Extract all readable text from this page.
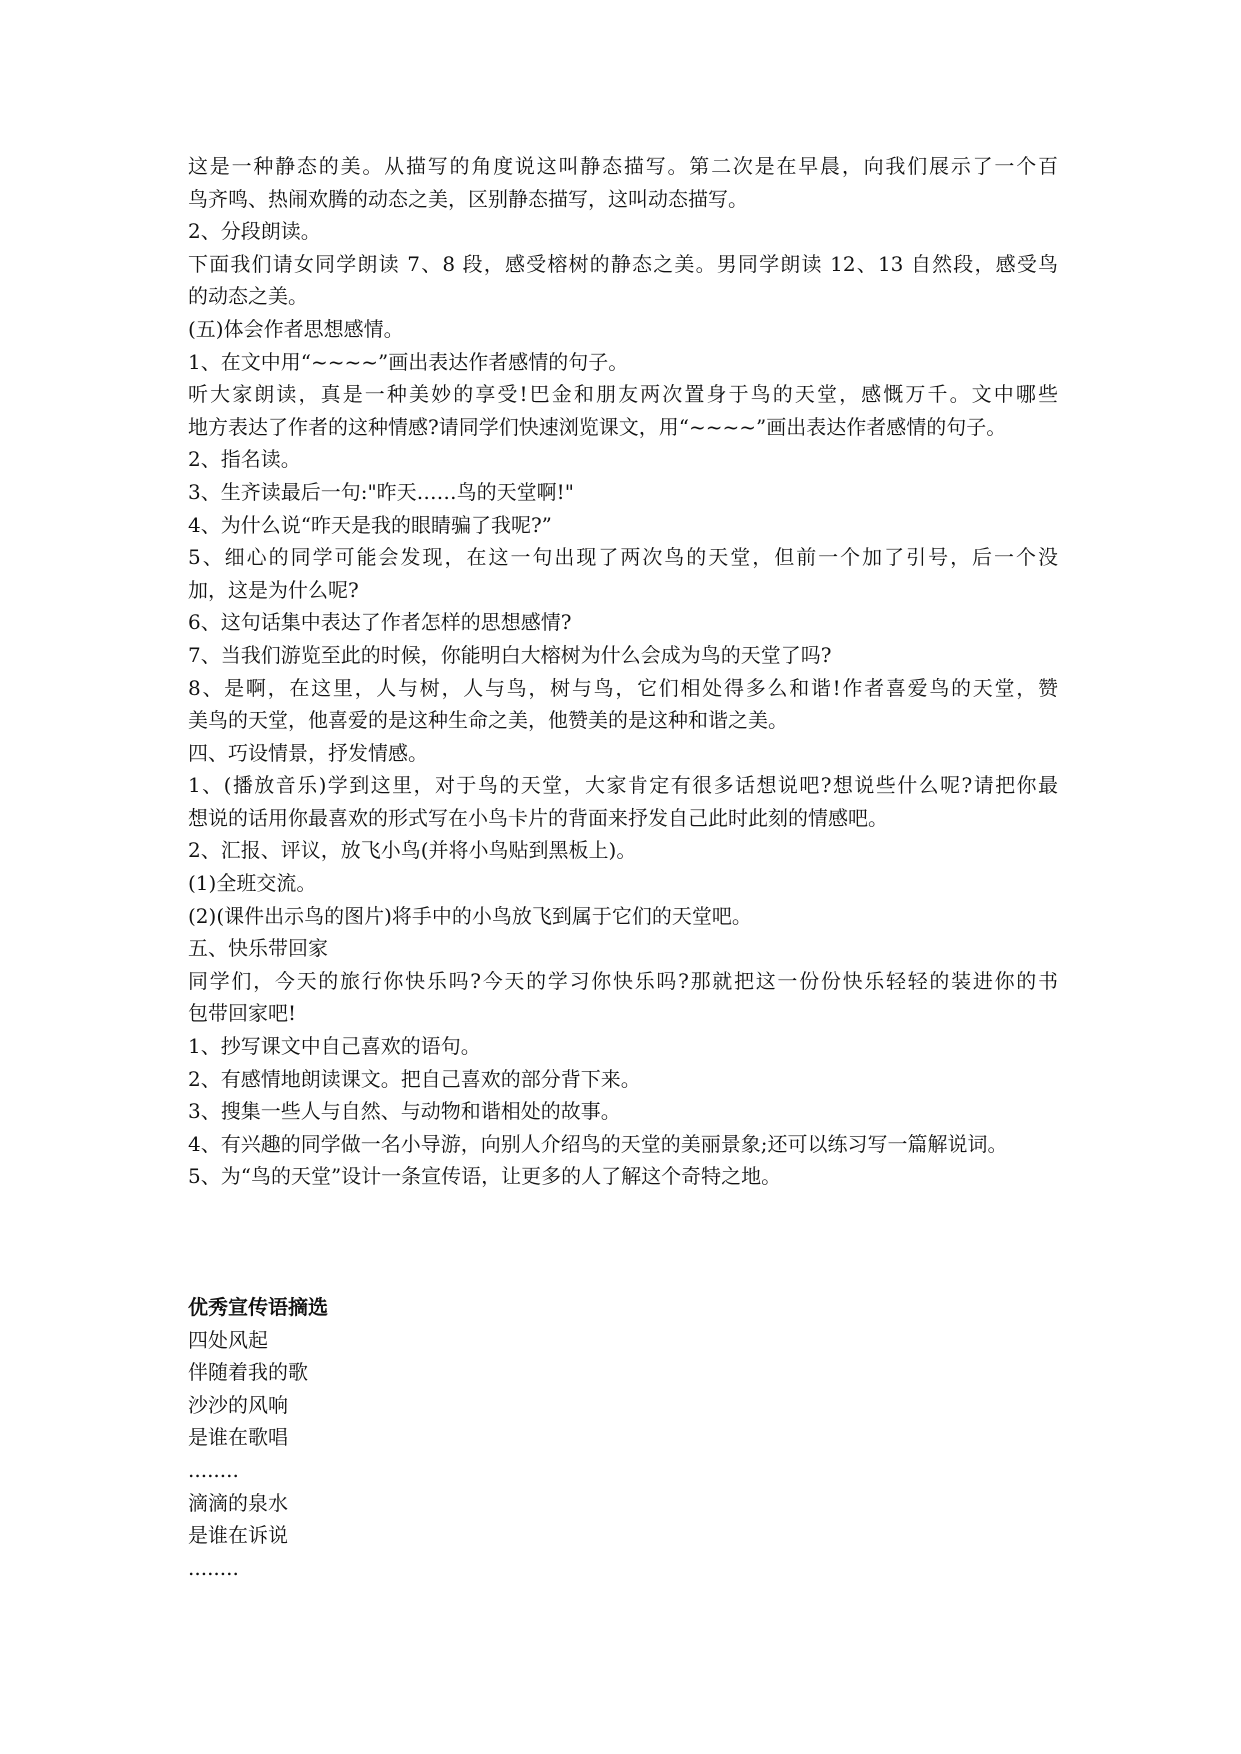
这是一种静态的美。从描写的角度说这叫静态描写。第二次是在早晨，向我们展示了一个百
鸟齐鸣、热闹欢腾的动态之美，区别静态描写，这叫动态描写。
2、分段朗读。
下面我们请女同学朗读 7、8 段，感受榕树的静态之美。男同学朗读 12、13 自然段，感受鸟
的动态之美。
(五)体会作者思想感情。
1、在文中用“~~~~”画出表达作者感情的句子。
听大家朗读，真是一种美妙的享受!巴金和朋友两次置身于鸟的天堂，感慨万千。文中哪些
地方表达了作者的这种情感?请同学们快速浏览课文，用“~~~~”画出表达作者感情的句子。
2、指名读。
3、生齐读最后一句:"昨天……鸟的天堂啊!"
4、为什么说“昨天是我的眼睛骗了我呢?”
5、细心的同学可能会发现，在这一句出现了两次鸟的天堂，但前一个加了引号，后一个没
加，这是为什么呢?
6、这句话集中表达了作者怎样的思想感情?
7、当我们游览至此的时候，你能明白大榕树为什么会成为鸟的天堂了吗?
8、是啊，在这里，人与树，人与鸟，树与鸟，它们相处得多么和谐!作者喜爱鸟的天堂，赞
美鸟的天堂，他喜爱的是这种生命之美，他赞美的是这种和谐之美。
四、巧设情景，抒发情感。
1、(播放音乐)学到这里，对于鸟的天堂，大家肯定有很多话想说吧?想说些什么呢?请把你最
想说的话用你最喜欢的形式写在小鸟卡片的背面来抒发自己此时此刻的情感吧。
2、汇报、评议，放飞小鸟(并将小鸟贴到黑板上)。
(1)全班交流。
(2)(课件出示鸟的图片)将手中的小鸟放飞到属于它们的天堂吧。
五、快乐带回家
同学们，今天的旅行你快乐吗?今天的学习你快乐吗?那就把这一份份快乐轻轻的装进你的书
包带回家吧!
1、抄写课文中自己喜欢的语句。
2、有感情地朗读课文。把自己喜欢的部分背下来。
3、搜集一些人与自然、与动物和谐相处的故事。
4、有兴趣的同学做一名小导游，向别人介绍鸟的天堂的美丽景象;还可以练习写一篇解说词。
5、为“鸟的天堂”设计一条宣传语，让更多的人了解这个奇特之地。
优秀宣传语摘选
四处风起
伴随着我的歌
沙沙的风响
是谁在歌唱
........
滴滴的泉水
是谁在诉说
........
